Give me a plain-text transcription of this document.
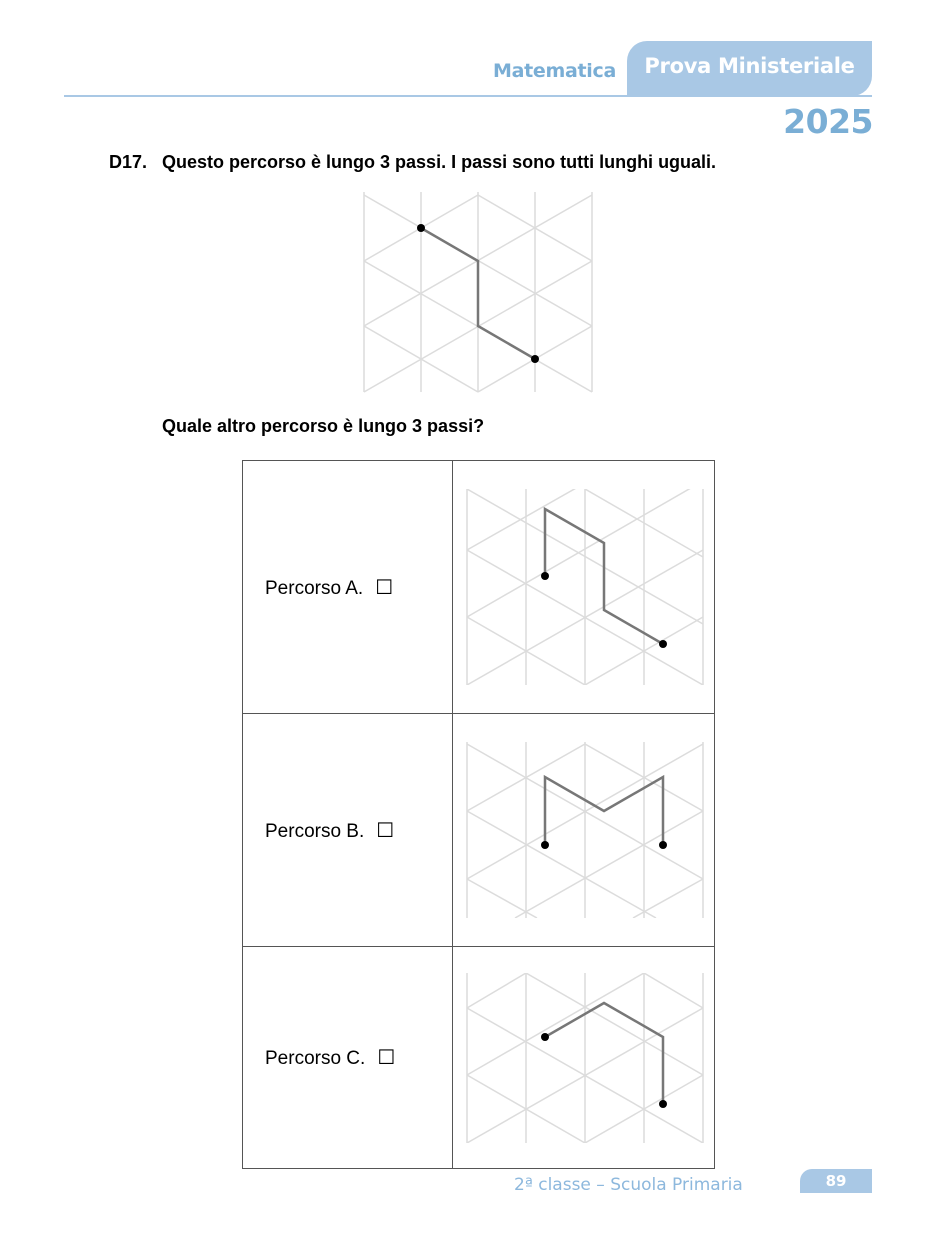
Matematica	Prova Ministeriale
2025
D17. Questo percorso è lungo 3 passi. I passi sono tutti lunghi uguali.
Quale altro percorso è lungo 3 passi?
Percorso A. ☐	

Percorso B. ☐	

Percorso C. ☐	
2ª classe – Scuola Primaria	89
